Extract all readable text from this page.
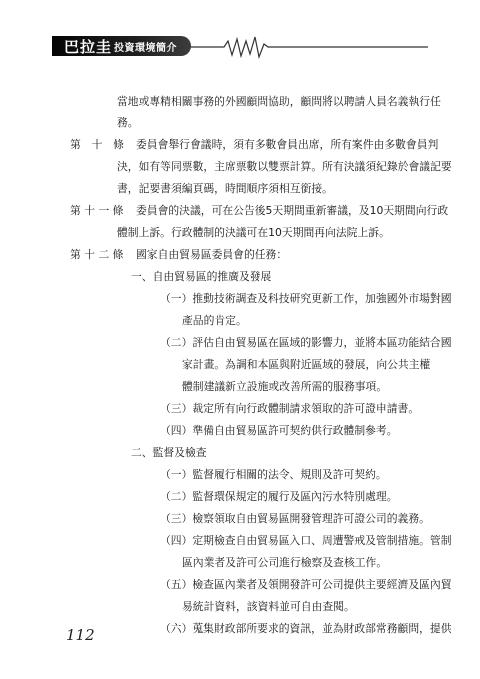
巴拉圭 投資環境簡介
當地或專精相關事務的外國顧問協助，顧問將以聘請人員名義執行任
務。
第　十　條 委員會舉行會議時，須有多數會員出席，所有案件由多數會員判
決，如有等同票數，主席票數以雙票計算。所有決議須紀錄於會議記要
書，記要書須編頁碼，時間順序須相互銜接。
第 十 一 條 委員會的決議，可在公告後5天期間重新審議，及10天期間向行政
體制上訴。行政體制的決議可在10天期間再向法院上訴。
第 十 二 條 國家自由貿易區委員會的任務：
一、自由貿易區的推廣及發展
（一）推動技術調查及科技研究更新工作，加強國外市場對國
產品的肯定。
（二）評估自由貿易區在區域的影響力，並將本區功能結合國
家計畫。為調和本區與附近區域的發展，向公共主權
體制建議新立設施或改善所需的服務事項。
（三）裁定所有向行政體制請求領取的許可證申請書。
（四）準備自由貿易區許可契約供行政體制參考。
二、監督及檢查
（一）監督履行相關的法令、規則及許可契約。
（二）監督環保規定的履行及區內污水特別處理。
（三）檢察領取自由貿易區開發管理許可證公司的義務。
（四）定期檢查自由貿易區入口、周遭警戒及管制措施。管制
區內業者及許可公司進行檢察及查核工作。
（五）檢查區內業者及領開發許可公司提供主要經濟及區內貿
易統計資料，該資料並可自由查閱。
（六）蒐集財政部所要求的資訊，並為財政部常務顧問，提供
112
